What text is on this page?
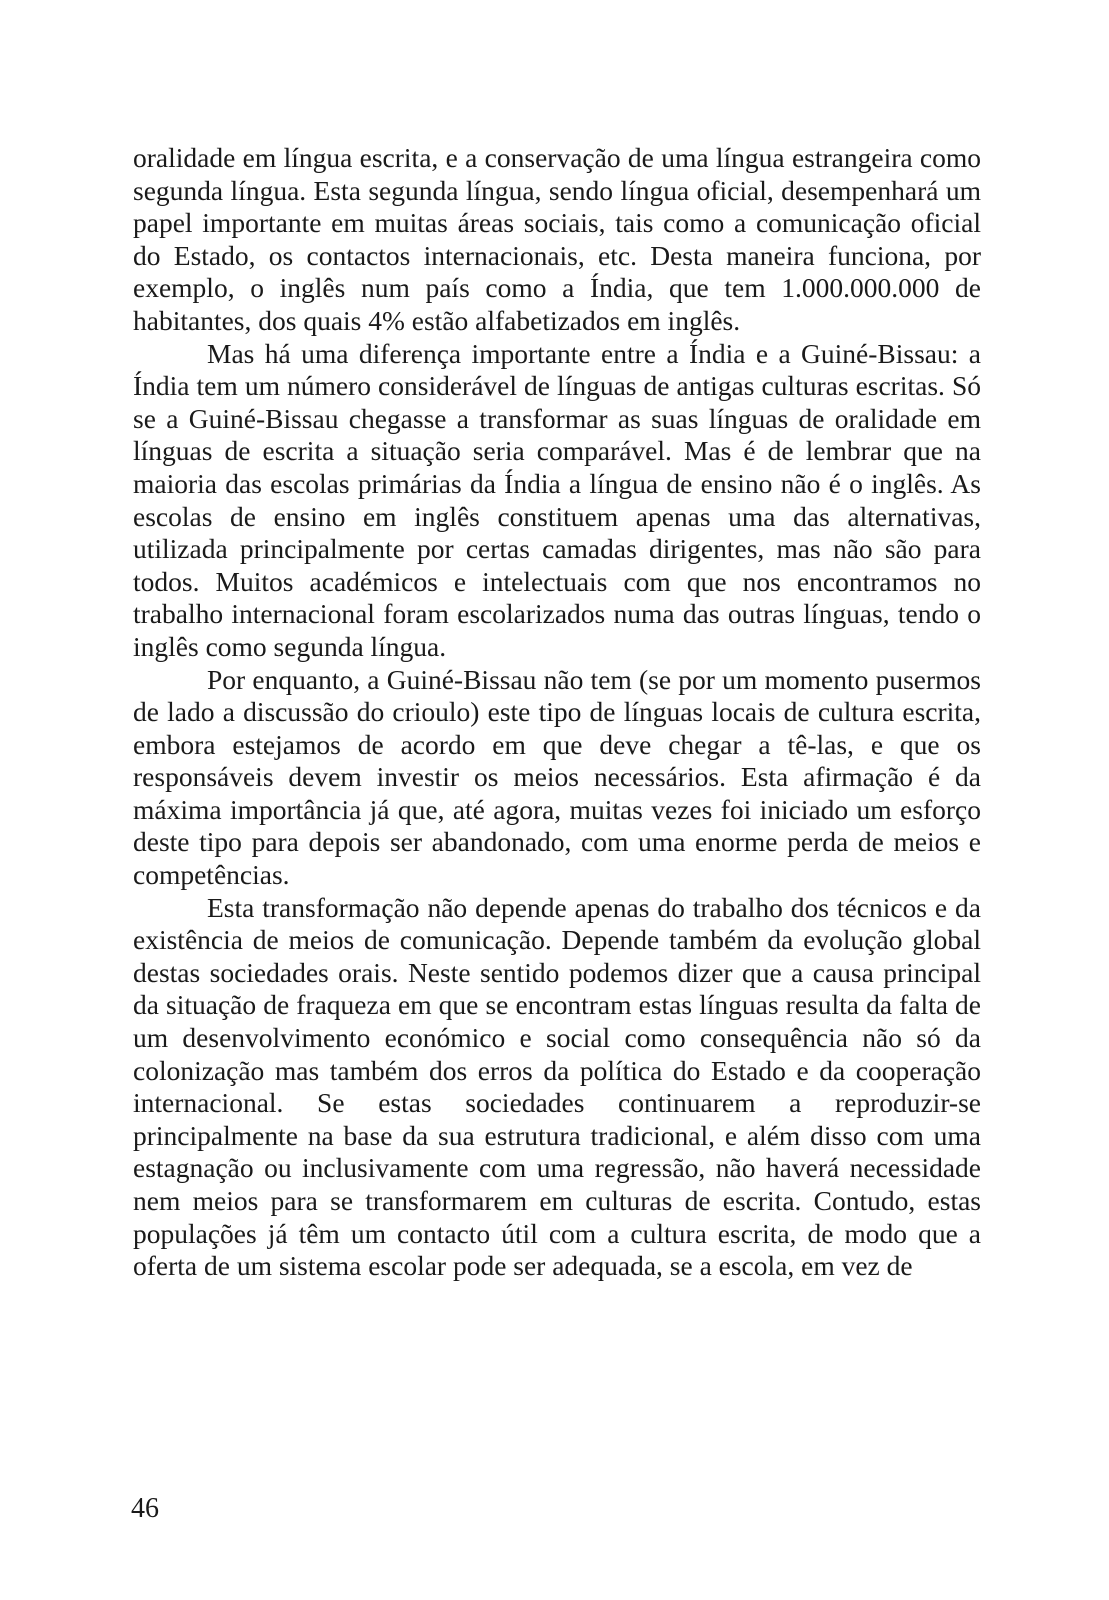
oralidade em língua escrita, e a conservação de uma língua estrangeira como segunda língua. Esta segunda língua, sendo língua oficial, desempenhará um papel importante em muitas áreas sociais, tais como a comunicação oficial do Estado, os contactos internacionais, etc. Desta maneira funciona, por exemplo, o inglês num país como a Índia, que tem 1.000.000.000 de habitantes, dos quais 4% estão alfabetizados em inglês.

Mas há uma diferença importante entre a Índia e a Guiné-Bissau: a Índia tem um número considerável de línguas de antigas culturas escritas. Só se a Guiné-Bissau chegasse a transformar as suas línguas de oralidade em línguas de escrita a situação seria comparável. Mas é de lembrar que na maioria das escolas primárias da Índia a língua de ensino não é o inglês. As escolas de ensino em inglês constituem apenas uma das alternativas, utilizada principalmente por certas camadas dirigentes, mas não são para todos. Muitos académicos e intelectuais com que nos encontramos no trabalho internacional foram escolarizados numa das outras línguas, tendo o inglês como segunda língua.

Por enquanto, a Guiné-Bissau não tem (se por um momento pusermos de lado a discussão do crioulo) este tipo de línguas locais de cultura escrita, embora estejamos de acordo em que deve chegar a tê-las, e que os responsáveis devem investir os meios necessários. Esta afirmação é da máxima importância já que, até agora, muitas vezes foi iniciado um esforço deste tipo para depois ser abandonado, com uma enorme perda de meios e competências.

Esta transformação não depende apenas do trabalho dos técnicos e da existência de meios de comunicação. Depende também da evolução global destas sociedades orais. Neste sentido podemos dizer que a causa principal da situação de fraqueza em que se encontram estas línguas resulta da falta de um desenvolvimento económico e social como consequência não só da colonização mas também dos erros da política do Estado e da cooperação internacional. Se estas sociedades continuarem a reproduzir-se principalmente na base da sua estrutura tradicional, e além disso com uma estagnação ou inclusivamente com uma regressão, não haverá necessidade nem meios para se transformarem em culturas de escrita. Contudo, estas populações já têm um contacto útil com a cultura escrita, de modo que a oferta de um sistema escolar pode ser adequada, se a escola, em vez de

46
